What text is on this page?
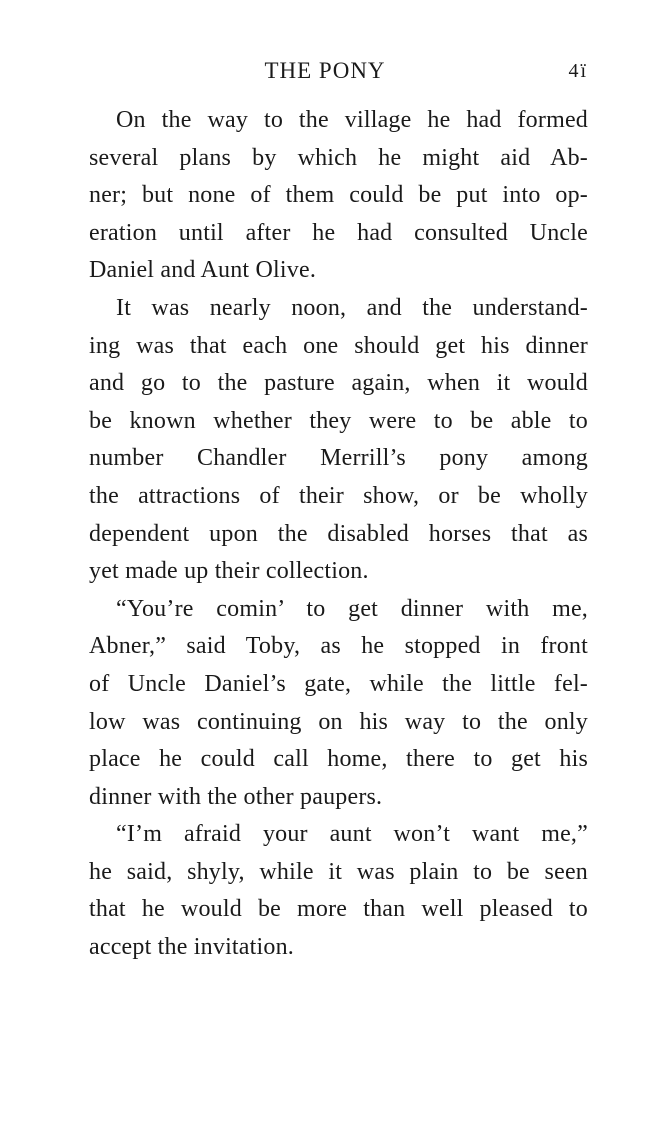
THE PONY	4ï

On the way to the village he had formed
several plans by which he might aid Ab-
ner; but none of them could be put into op-
eration until after he had consulted Uncle
Daniel and Aunt Olive.

It was nearly noon, and the understand-
ing was that each one should get his dinner
and go to the pasture again, when it would
be known whether they were to be able to
number Chandler Merrill’s pony among
the attractions of their show, or be wholly
dependent upon the disabled horses that as
yet made up their collection.

“You’re comin’ to get dinner with me,
Abner,” said Toby, as he stopped in front
of Uncle Daniel’s gate, while the little fel-
low was continuing on his way to the only
place he could call home, there to get his
dinner with the other paupers.

“I’m afraid your aunt won’t want me,”
he said, shyly, while it was plain to be seen
that he would be more than well pleased to
accept the invitation.
